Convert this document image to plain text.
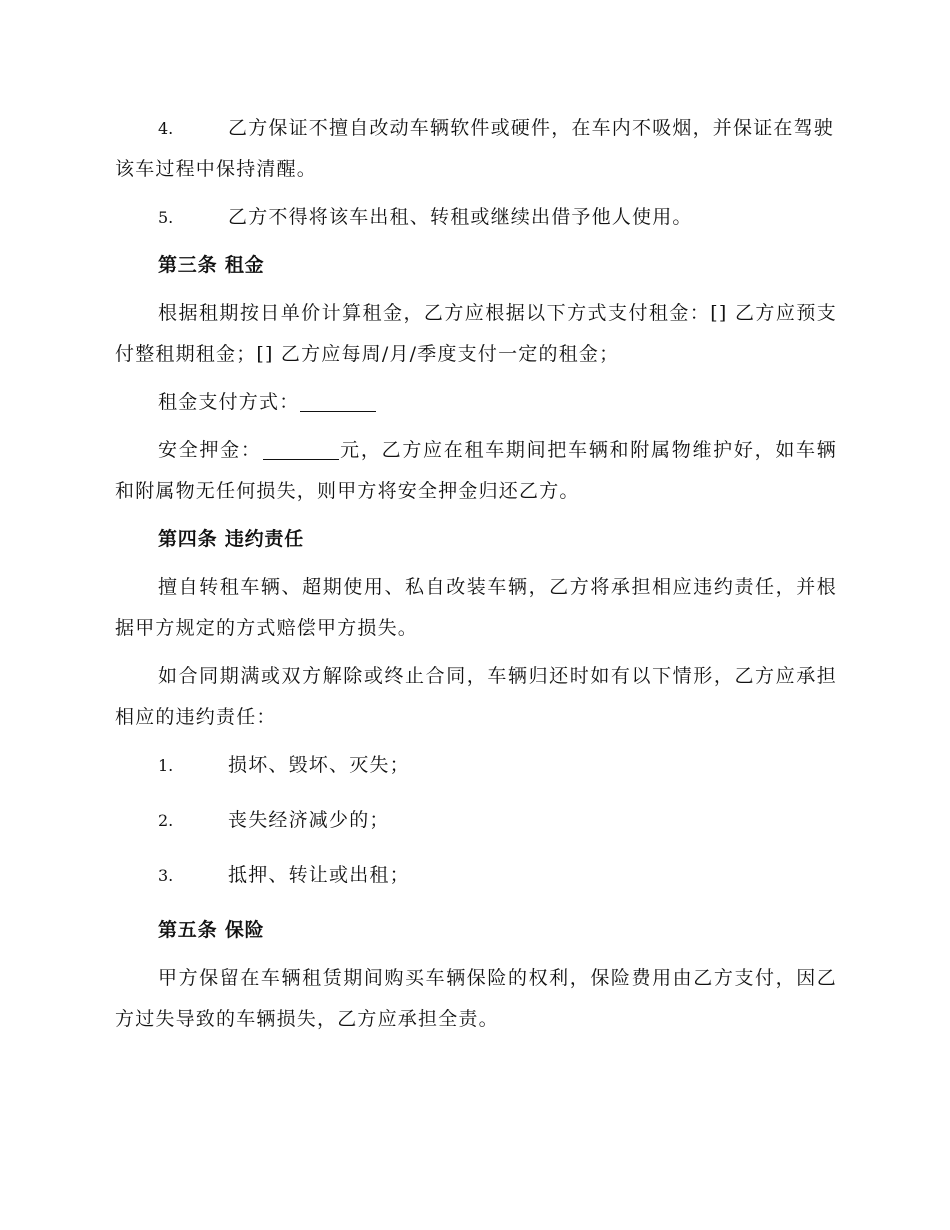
4.	乙方保证不擅自改动车辆软件或硬件，在车内不吸烟，并保证在驾驶该车过程中保持清醒。
5.	乙方不得将该车出租、转租或继续出借予他人使用。
第三条 租金

根据租期按日单价计算租金，乙方应根据以下方式支付租金：[] 乙方应预支付整租期租金；[] 乙方应每周/月/季度支付一定的租金；

租金支付方式：

安全押金：	元，乙方应在租车期间把车辆和附属物维护好，如车辆和附属物无任何损失，则甲方将安全押金归还乙方。

第四条 违约责任

擅自转租车辆、超期使用、私自改装车辆，乙方将承担相应违约责任，并根据甲方规定的方式赔偿甲方损失。

如合同期满或双方解除或终止合同，车辆归还时如有以下情形，乙方应承担相应的违约责任：

1.	损坏、毁坏、灭失；
2.	丧失经济减少的；
3.	抵押、转让或出租；
第五条 保险

甲方保留在车辆租赁期间购买车辆保险的权利，保险费用由乙方支付，因乙方过失导致的车辆损失，乙方应承担全责。
